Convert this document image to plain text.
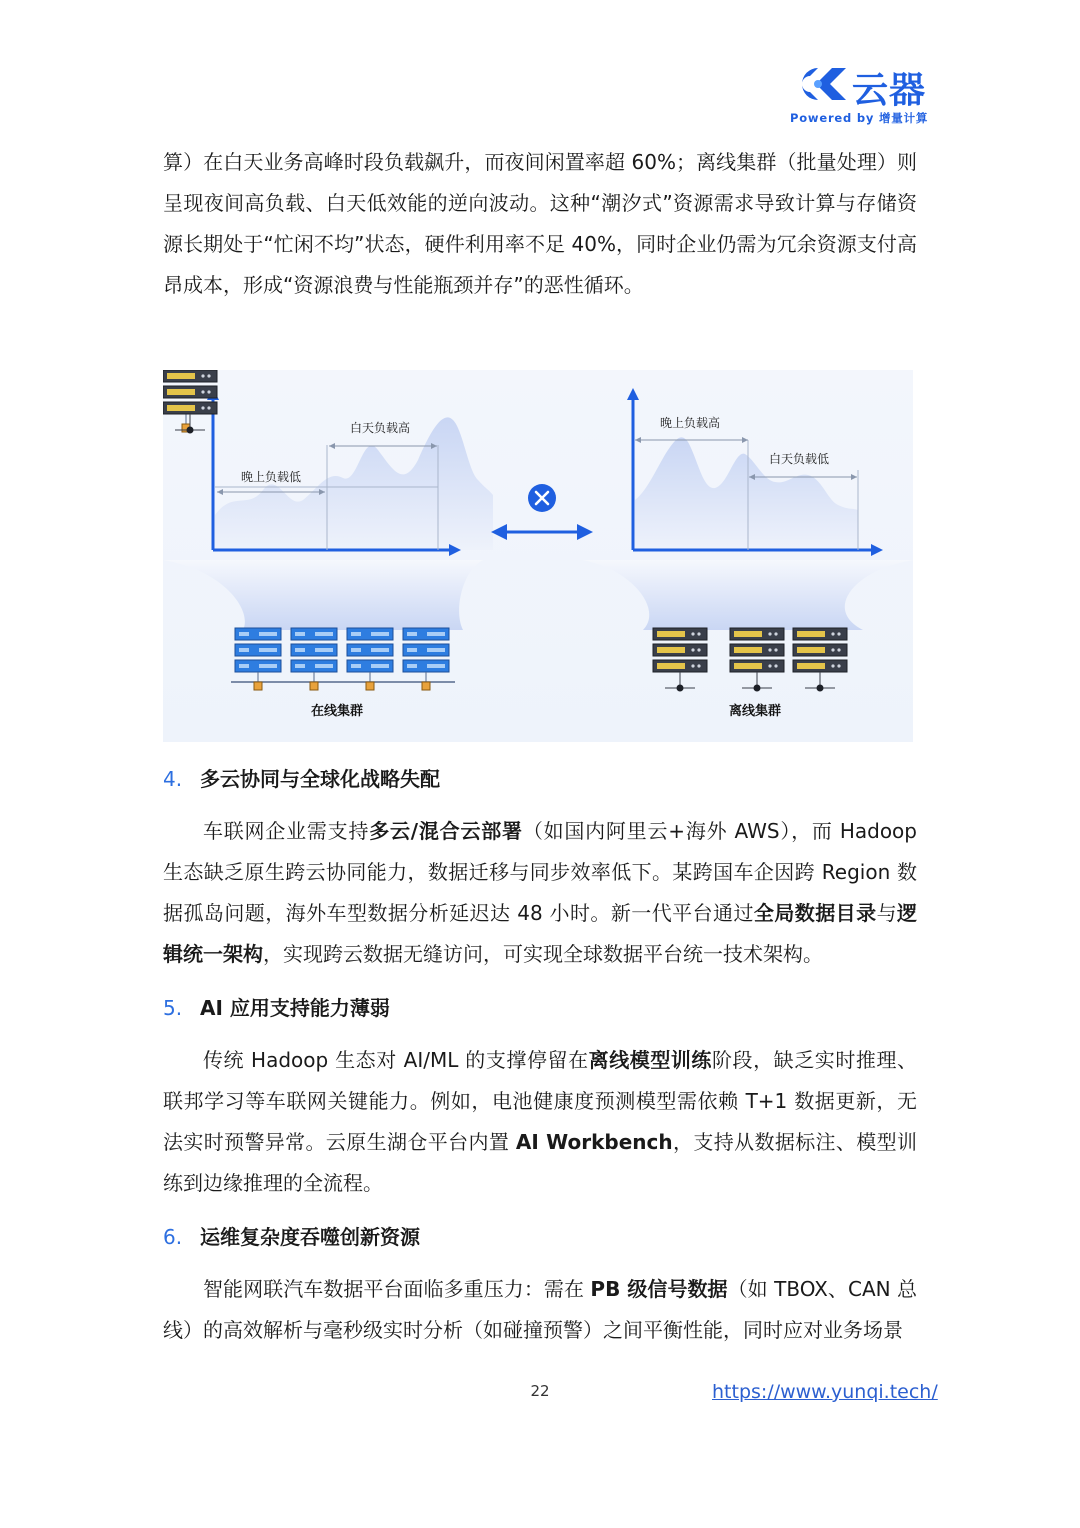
云器
Powered by 增量计算

算）在白天业务高峰时段负载飙升，而夜间闲置率超 60%；离线集群（批量处理）则呈现夜间高负载、白天低效能的逆向波动。这种“潮汐式”资源需求导致计算与存储资源长期处于“忙闲不均”状态，硬件利用率不足 40%，同时企业仍需为冗余资源支付高昂成本，形成“资源浪费与性能瓶颈并存”的恶性循环。

白天负载高
晚上负载低
晚上负载高
白天负载低
在线集群	离线集群
4. 多云协同与全球化战略失配

车联网企业需支持多云/混合云部署（如国内阿里云+海外 AWS），而 Hadoop 生态缺乏原生跨云协同能力，数据迁移与同步效率低下。某跨国车企因跨 Region 数据孤岛问题，海外车型数据分析延迟达 48 小时。新一代平台通过全局数据目录与逻辑统一架构，实现跨云数据无缝访问，可实现全球数据平台统一技术架构。

5. AI 应用支持能力薄弱

传统 Hadoop 生态对 AI/ML 的支撑停留在离线模型训练阶段，缺乏实时推理、联邦学习等车联网关键能力。例如，电池健康度预测模型需依赖 T+1 数据更新，无法实时预警异常。云原生湖仓平台内置 AI Workbench，支持从数据标注、模型训练到边缘推理的全流程。

6. 运维复杂度吞噬创新资源

智能网联汽车数据平台面临多重压力：需在 PB 级信号数据（如 TBOX、CAN 总线）的高效解析与毫秒级实时分析（如碰撞预警）之间平衡性能，同时应对业务场景

22	https://www.yunqi.tech/
